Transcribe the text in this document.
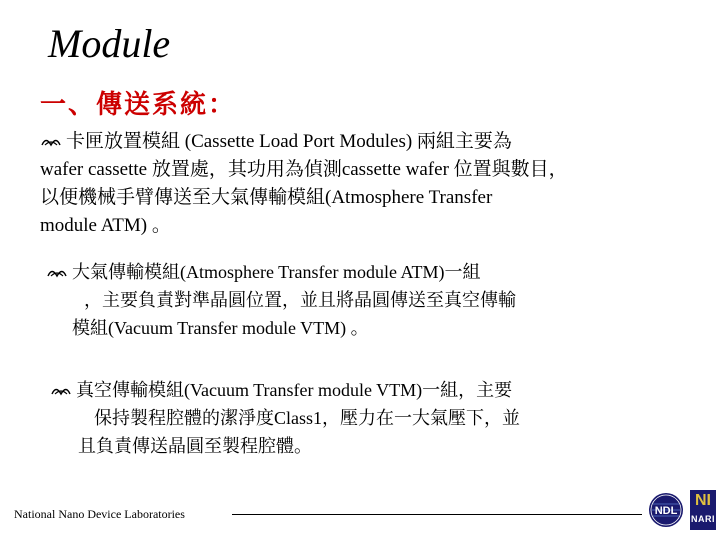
Module
一、傳送系統：
卡匣放置模組 (Cassette Load Port Modules) 兩組主要為
wafer cassette 放置處，其功用為偵測cassette wafer 位置與數目，
以便機械手臂傳送至大氣傳輸模組(Atmosphere Transfer
module ATM) 。
大氣傳輸模組(Atmosphere Transfer module ATM)一組
，主要負責對準晶圓位置，並且將晶圓傳送至真空傳輸
模組(Vacuum Transfer module VTM) 。
真空傳輸模組(Vacuum Transfer module VTM)一組，主要
保持製程腔體的潔淨度Class1，壓力在一大氣壓下，並
且負責傳送晶圓至製程腔體。
National Nano Device Laboratories	NDL
NI
NARI
